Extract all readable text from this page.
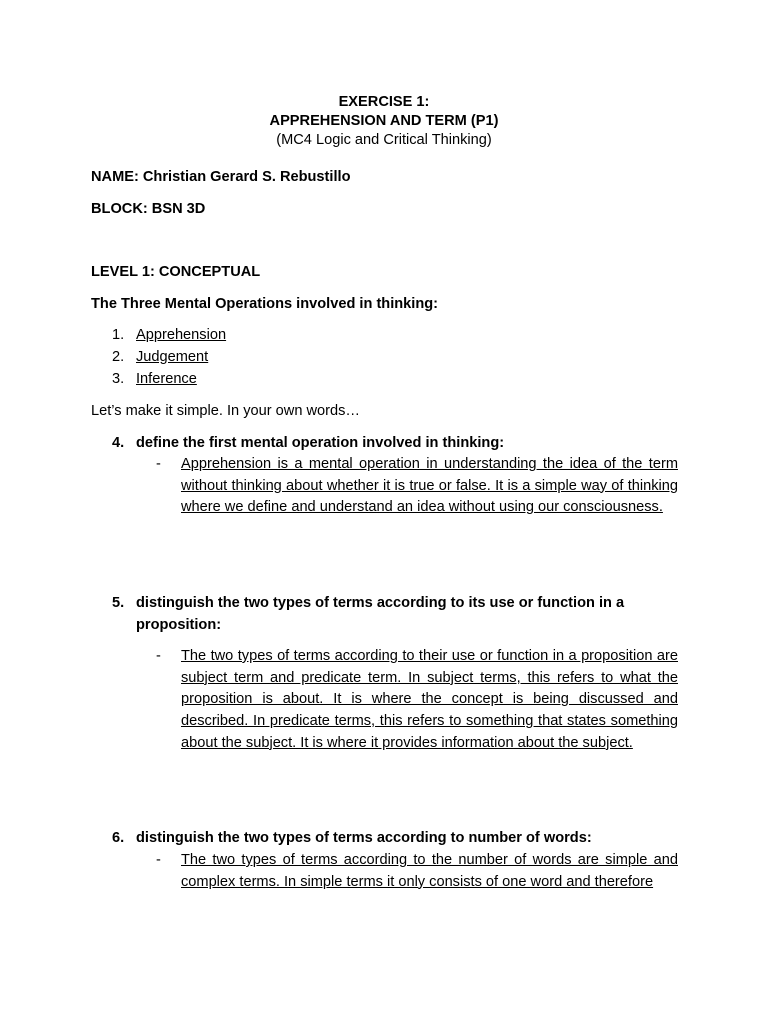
EXERCISE 1:
APPREHENSION AND TERM (P1)
(MC4 Logic and Critical Thinking)
NAME: Christian Gerard S. Rebustillo
BLOCK: BSN 3D
LEVEL 1: CONCEPTUAL
The Three Mental Operations involved in thinking:
1. Apprehension
2. Judgement
3. Inference
Let’s make it simple. In your own words…
4. define the first mental operation involved in thinking:
- Apprehension is a mental operation in understanding the idea of the term without thinking about whether it is true or false. It is a simple way of thinking where we define and understand an idea without using our consciousness.
5. distinguish the two types of terms according to its use or function in a proposition:
- The two types of terms according to their use or function in a proposition are subject term and predicate term. In subject terms, this refers to what the proposition is about. It is where the concept is being discussed and described. In predicate terms, this refers to something that states something about the subject. It is where it provides information about the subject.
6. distinguish the two types of terms according to number of words:
- The two types of terms according to the number of words are simple and complex terms. In simple terms it only consists of one word and therefore
